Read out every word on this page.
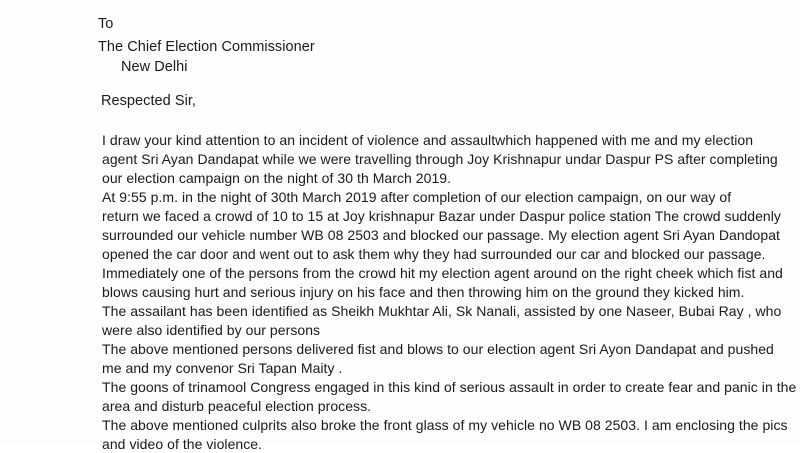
To
The Chief Election Commissioner
New Delhi
Respected Sir,
I draw your kind attention to an incident of violence and assaultwhich happened with me and my election
agent Sri Ayan Dandapat while we were travelling through Joy Krishnapur undar Daspur PS after completing
our election campaign on the night of 30 th March 2019.
At 9:55 p.m. in the night of 30th March 2019 after completion of our election campaign, on our way of
return we faced a crowd of 10 to 15 at Joy krishnapur Bazar under Daspur police station The crowd suddenly
surrounded our vehicle number WB 08 2503 and blocked our passage. My election agent Sri Ayan Dandopat
opened the car door and went out to ask them why they had surrounded our car and blocked our passage.
Immediately one of the persons from the crowd hit my election agent around on the right cheek which fist and
blows causing hurt and serious injury on his face and then throwing him on the ground they kicked him.
The assailant has been identified as Sheikh Mukhtar Ali, Sk Nanali, assisted by one Naseer, Bubai Ray , who
were also identified by our persons
The above mentioned persons delivered fist and blows to our election agent Sri Ayon Dandapat and pushed
me and my convenor Sri Tapan Maity .
The goons of trinamool Congress engaged in this kind of serious assault in order to create fear and panic in the
area and disturb peaceful election process.
The above mentioned culprits also broke the front glass of my vehicle no WB 08 2503. I am enclosing the pics
and video of the violence.
